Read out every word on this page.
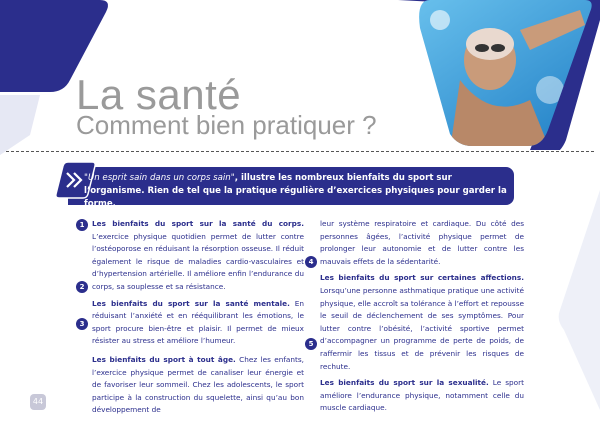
La santé
Comment bien pratiquer ?
"Un esprit sain dans un corps sain", illustre les nombreux bienfaits du sport sur l’organisme. Rien de tel que la pratique régulière d’exercices physiques pour garder la forme.

Les bienfaits du sport sur la santé du corps. L’exercice physique quotidien permet de lutter contre l’ostéoporose en réduisant la résorption osseuse. Il réduit également le risque de maladies cardio-vasculaires et d’hypertension artérielle. Il améliore enfin l’endurance du corps, sa souplesse et sa résistance.

Les bienfaits du sport sur la santé mentale. En réduisant l’anxiété et en rééquilibrant les émotions, le sport procure bien-être et plaisir. Il permet de mieux résister au stress et améliore l’humeur.

Les bienfaits du sport à tout âge. Chez les enfants, l’exercice physique permet de canaliser leur énergie et de favoriser leur sommeil. Chez les adolescents, le sport participe à la construction du squelette, ainsi qu’au bon développement de

1
2
3

leur système respiratoire et cardiaque. Du côté des personnes âgées, l’activité physique permet de prolonger leur autonomie et de lutter contre les mauvais effets de la sédentarité.

Les bienfaits du sport sur certaines affections. Lorsqu’une personne asthmatique pratique une activité physique, elle accroît sa tolérance à l’effort et repousse le seuil de déclenchement de ses symptômes. Pour lutter contre l’obésité, l’activité sportive permet d’accompagner un programme de perte de poids, de raffermir les tissus et de prévenir les risques de rechute.

Les bienfaits du sport sur la sexualité. Le sport améliore l’endurance physique, notamment celle du muscle cardiaque.

4
5
44
